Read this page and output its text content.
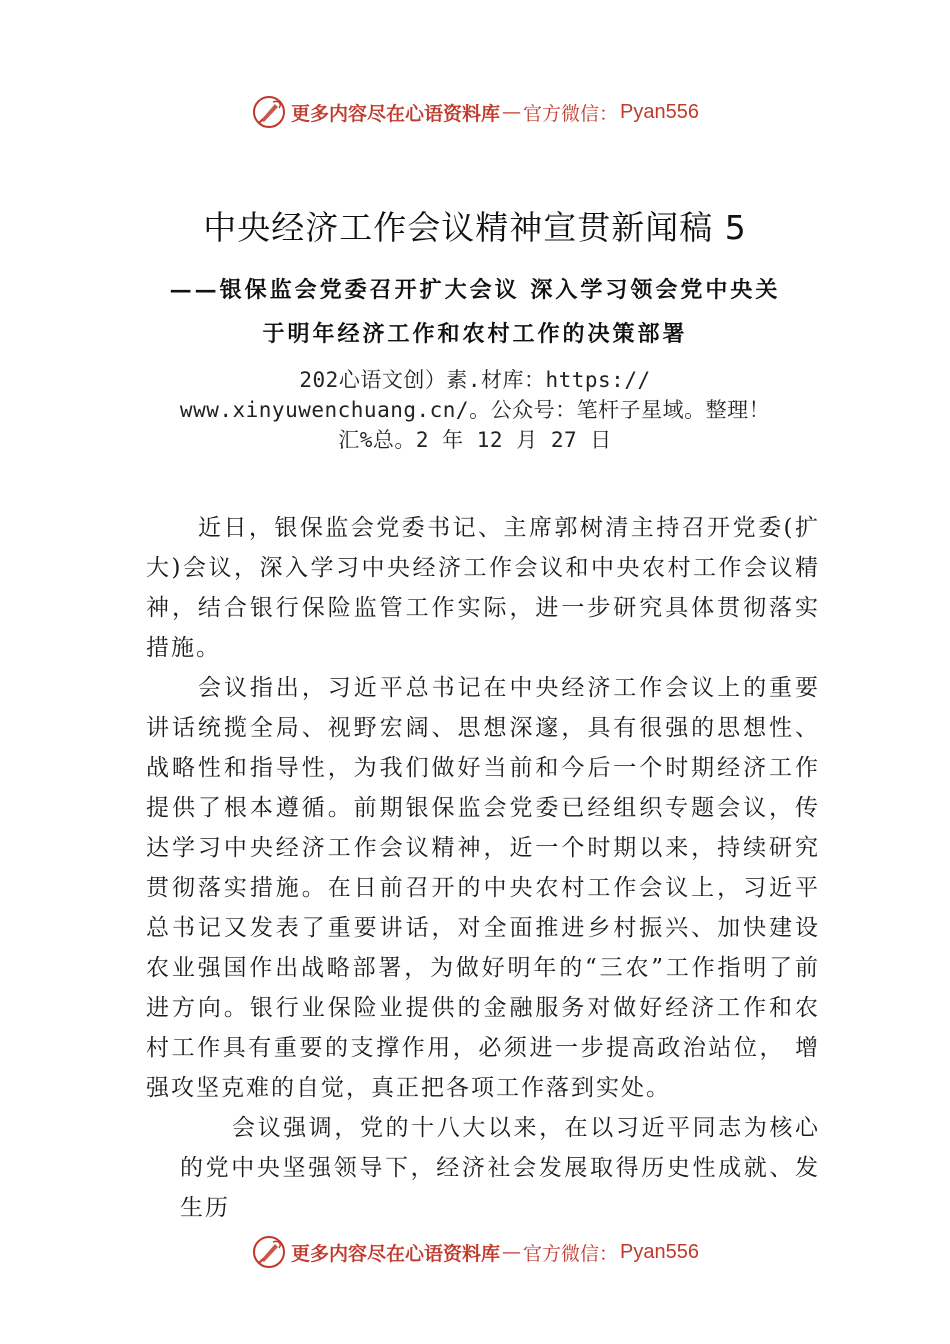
更多内容尽在心语资料库 — 官方微信： Pyan556
中央经济工作会议精神宣贯新闻稿 5
——银保监会党委召开扩大会议 深入学习领会党中央关
于明年经济工作和农村工作的决策部署
202心语文创）素.材库：https://
www.xinyuwenchuang.cn/。公众号：笔杆子星域。整理！
汇%总。2 年 12 月 27 日

近日，银保监会党委书记、主席郭树清主持召开党委(扩大)会议，深入学习中央经济工作会议和中央农村工作会议精神，结合银行保险监管工作实际，进一步研究具体贯彻落实措施。

会议指出，习近平总书记在中央经济工作会议上的重要讲话统揽全局、视野宏阔、思想深邃，具有很强的思想性、 战略性和指导性，为我们做好当前和今后一个时期经济工作提供了根本遵循。前期银保监会党委已经组织专题会议，传达学习中央经济工作会议精神，近一个时期以来，持续研究贯彻落实措施。在日前召开的中央农村工作会议上，习近平总书记又发表了重要讲话，对全面推进乡村振兴、加快建设农业强国作出战略部署，为做好明年的“三农”工作指明了前进方向。银行业保险业提供的金融服务对做好经济工作和农村工作具有重要的支撑作用，必须进一步提高政治站位， 增强攻坚克难的自觉，真正把各项工作落到实处。

会议强调，党的十八大以来，在以习近平同志为核心的党中央坚强领导下，经济社会发展取得历史性成就、发生历

更多内容尽在心语资料库 — 官方微信： Pyan556
